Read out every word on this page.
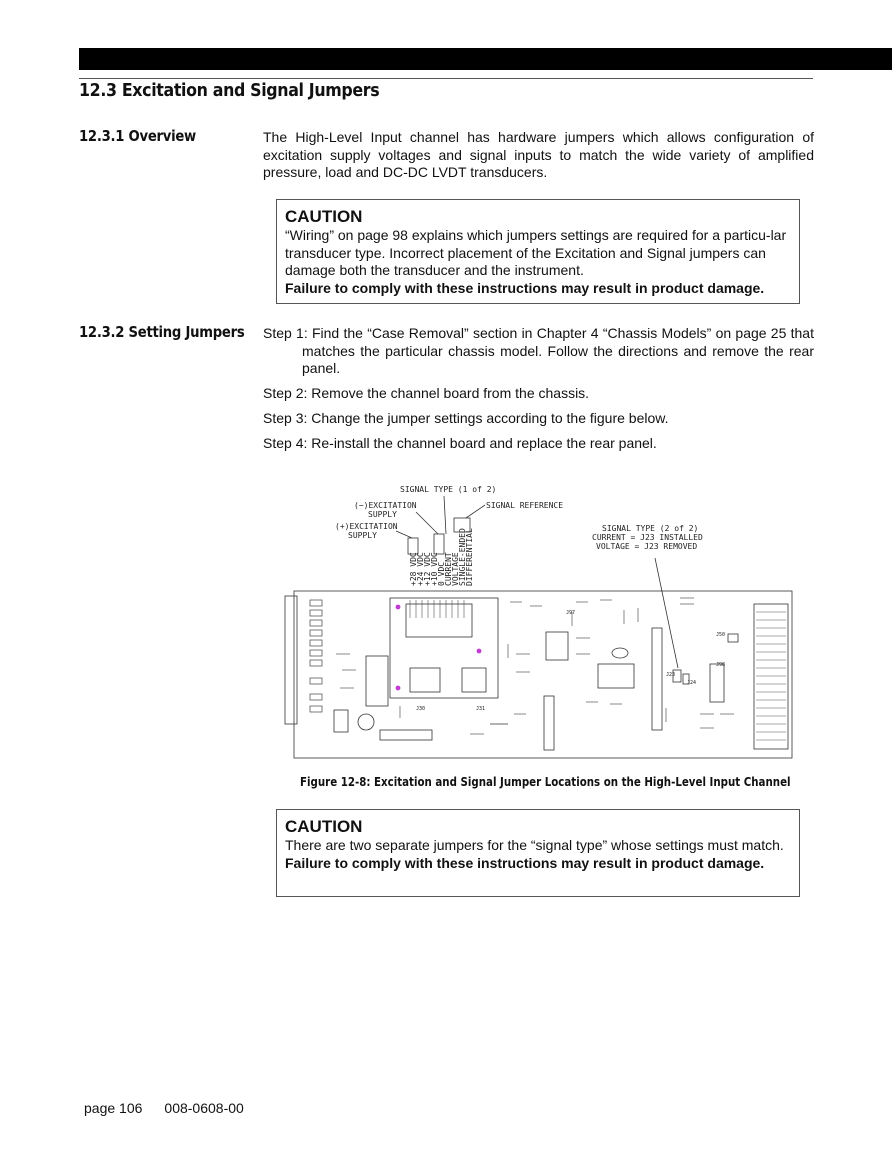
12.3 Excitation and Signal Jumpers
12.3.1 Overview	The High-Level Input channel has hardware jumpers which allows configuration of excitation supply voltages and signal inputs to match the wide variety of amplified pressure, load and DC-DC LVDT transducers.
CAUTION
“Wiring” on page 98 explains which jumpers settings are required for a particu-lar transducer type. Incorrect placement of the Excitation and Signal jumpers can damage both the transducer and the instrument.
Failure to comply with these instructions may result in product damage.
12.3.2 Setting Jumpers Step 1: Find the “Case Removal” section in Chapter 4 “Chassis Models” on page 25 that matches the particular chassis model. Follow the directions and remove the rear panel.
Step 2: Remove the channel board from the chassis.
Step 3: Change the jumper settings according to the figure below.
Step 4: Re-install the channel board and replace the rear panel.
SIGNAL TYPE (1 of 2)
(−)EXCITATION
SUPPLY
SIGNAL REFERENCE
(+)EXCITATION
SUPPLY
SIGNAL TYPE (2 of 2)
CURRENT = J23 INSTALLED
VOLTAGE = J23 REMOVED
J23
J24
J50
J98
J30	J31
J97
+28 VDC
+24 VDC
+12 VDC
+10 VDC
0 VDC
CURRENT
VOLTAGE
SINGLE-ENDED
DIFFERENTIAL
Figure 12-8: Excitation and Signal Jumper Locations on the High-Level Input Channel
CAUTION
There are two separate jumpers for the “signal type” whose settings must match.
Failure to comply with these instructions may result in product damage.
page 106 008-0608-00
